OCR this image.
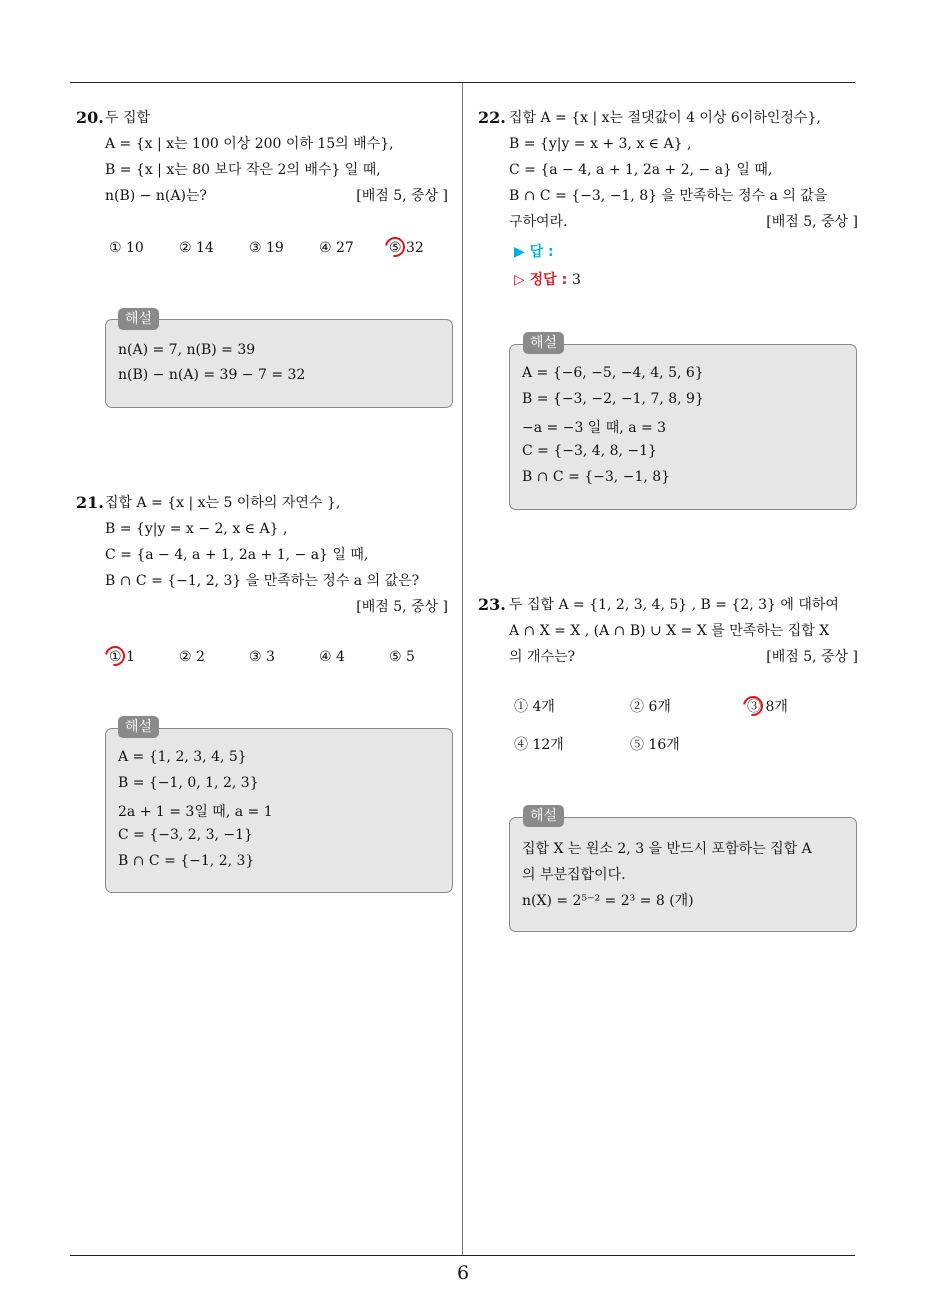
6
20. 두 집합
A = {x | x는 100 이상 200 이하 15의 배수},
B = {x | x는 80 보다 작은 2의 배수} 일 때,
n(B) − n(A)는?	[배점 5, 중상 ]
① 10	② 14	③ 19	④ 27	⑤ 32
n(A) = 7, n(B) = 39
n(B) − n(A) = 39 − 7 = 32
해설
21. 집합 A = {x | x는 5 이하의 자연수 },
B = {y|y = x − 2, x ∈ A} ,
C = {a − 4, a + 1, 2a + 1, − a} 일 때,
B ∩ C = {−1, 2, 3} 을 만족하는 정수 a 의 값은?
[배점 5, 중상 ]
① 1	② 2	③ 3	④ 4	⑤ 5
A = {1, 2, 3, 4, 5}
B = {−1, 0, 1, 2, 3}
2a + 1 = 3일 때, a = 1
C = {−3, 2, 3, −1}
B ∩ C = {−1, 2, 3}
해설
22. 집합 A = {x | x는 절댓값이 4 이상 6이하인정수},
B = {y|y = x + 3, x ∈ A} ,
C = {a − 4, a + 1, 2a + 2, − a} 일 때,
B ∩ C = {−3, −1, 8} 을 만족하는 정수 a 의 값을
구하여라.	[배점 5, 중상 ]
▶ 답 :
▷ 정답 : 3
A = {−6, −5, −4, 4, 5, 6}
B = {−3, −2, −1, 7, 8, 9}
−a = −3 일 때, a = 3
C = {−3, 4, 8, −1}
B ∩ C = {−3, −1, 8}
해설
23. 두 집합 A = {1, 2, 3, 4, 5} , B = {2, 3} 에 대하여
A ∩ X = X , (A ∩ B) ∪ X = X 를 만족하는 집합 X
의 개수는?	[배점 5, 중상 ]
① 4개	② 6개	③ 8개
④ 12개	⑤ 16개
집합 X 는 원소 2, 3 을 반드시 포함하는 집합 A
의 부분집합이다.
n(X) = 2⁵⁻² = 2³ = 8 (개)
해설
